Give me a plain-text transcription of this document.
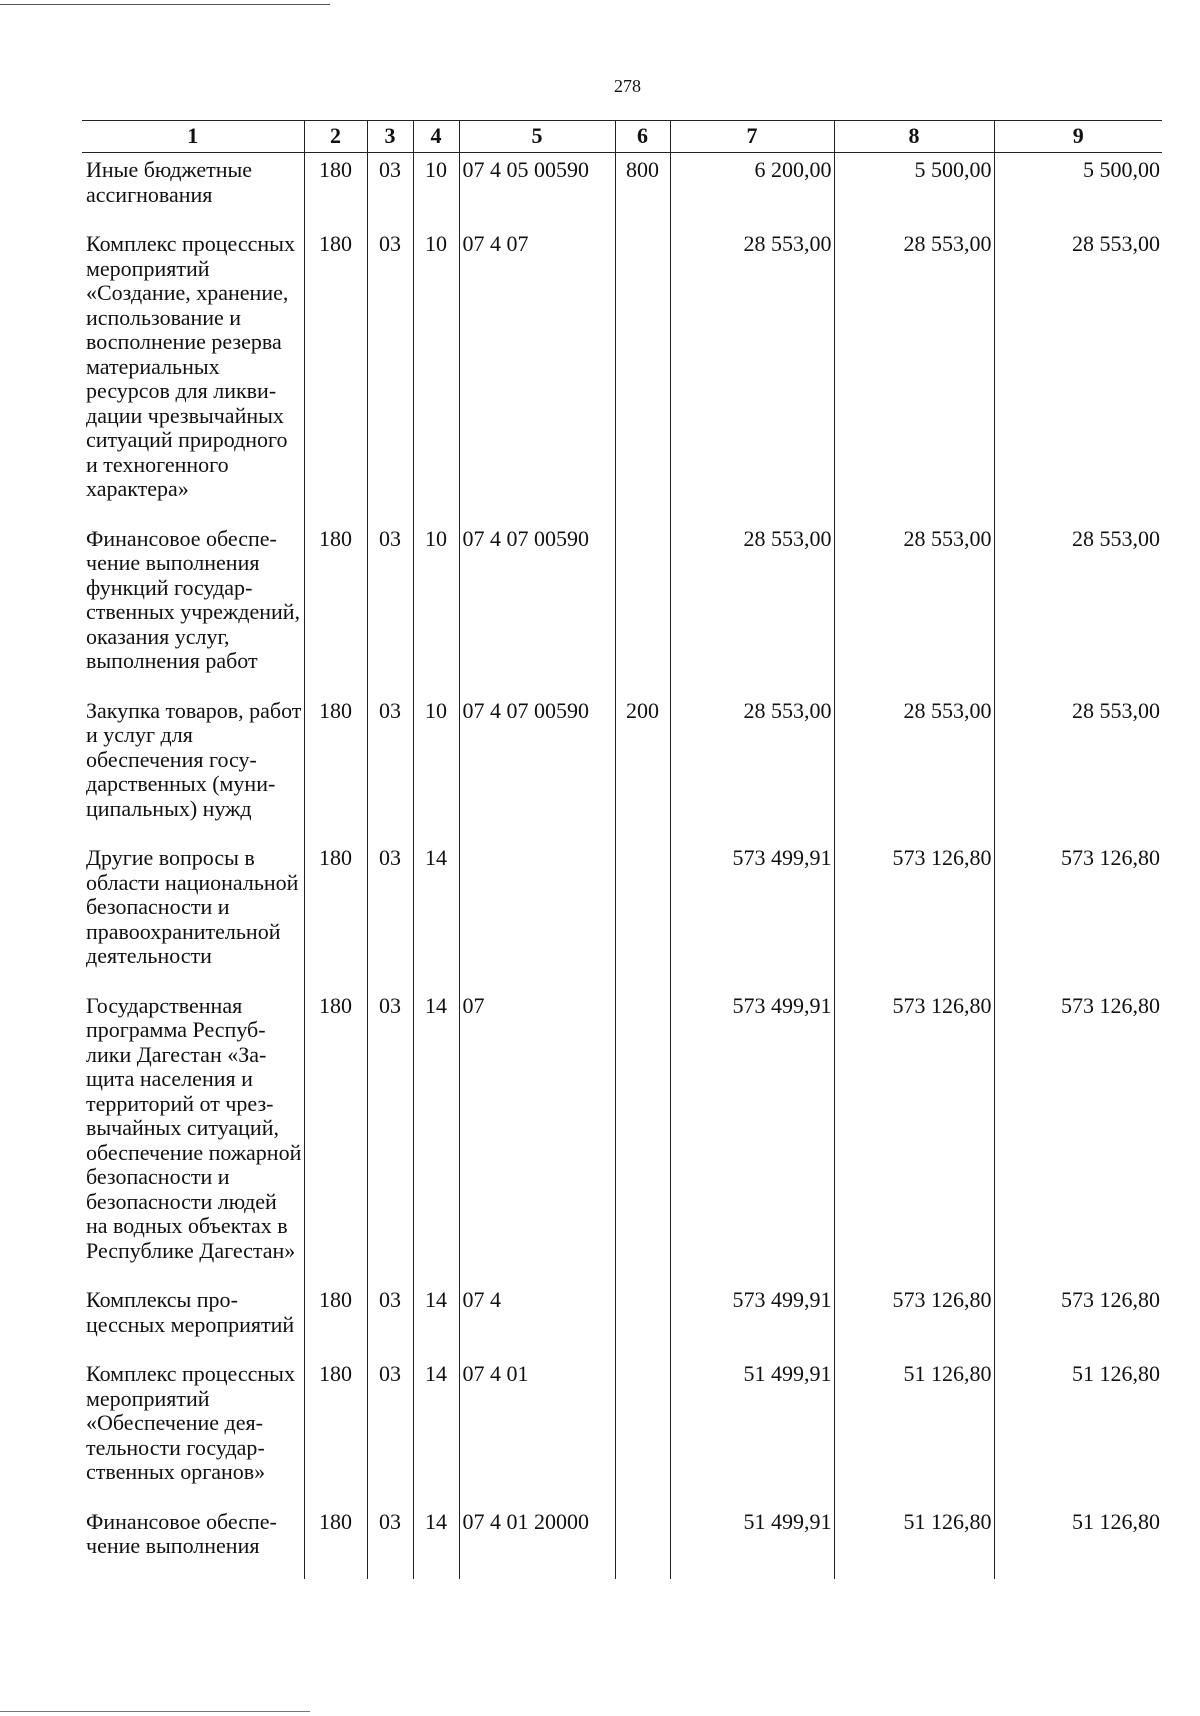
278
1	2	3	4	5	6	7	8	9
Иные бюджетные ассигнования	180	03	10	07 4 05 00590	800	6 200,00	5 500,00	5 500,00
Комплекс процессных мероприятий «Создание, хранение, использование и восполнение резерва материальных ресурсов для ликвидации чрезвычайных ситуаций природного и техногенного характера»	180	03	10	07 4 07		28 553,00	28 553,00	28 553,00
Финансовое обеспечение выполнения функций государственных учреждений, оказания услуг, выполнения работ	180	03	10	07 4 07 00590		28 553,00	28 553,00	28 553,00
Закупка товаров, работ и услуг для обеспечения государственных (муниципальных) нужд	180	03	10	07 4 07 00590	200	28 553,00	28 553,00	28 553,00
Другие вопросы в области национальной безопасности и правоохранительной деятельности	180	03	14			573 499,91	573 126,80	573 126,80
Государственная программа Республики Дагестан «Защита населения и территорий от чрезвычайных ситуаций, обеспечение пожарной безопасности и безопасности людей на водных объектах в Республике Дагестан»	180	03	14	07		573 499,91	573 126,80	573 126,80
Комплексы процессных мероприятий	180	03	14	07 4		573 499,91	573 126,80	573 126,80
Комплекс процессных мероприятий «Обеспечение деятельности государственных органов»	180	03	14	07 4 01		51 499,91	51 126,80	51 126,80
Финансовое обеспечение выполнения	180	03	14	07 4 01 20000		51 499,91	51 126,80	51 126,80
